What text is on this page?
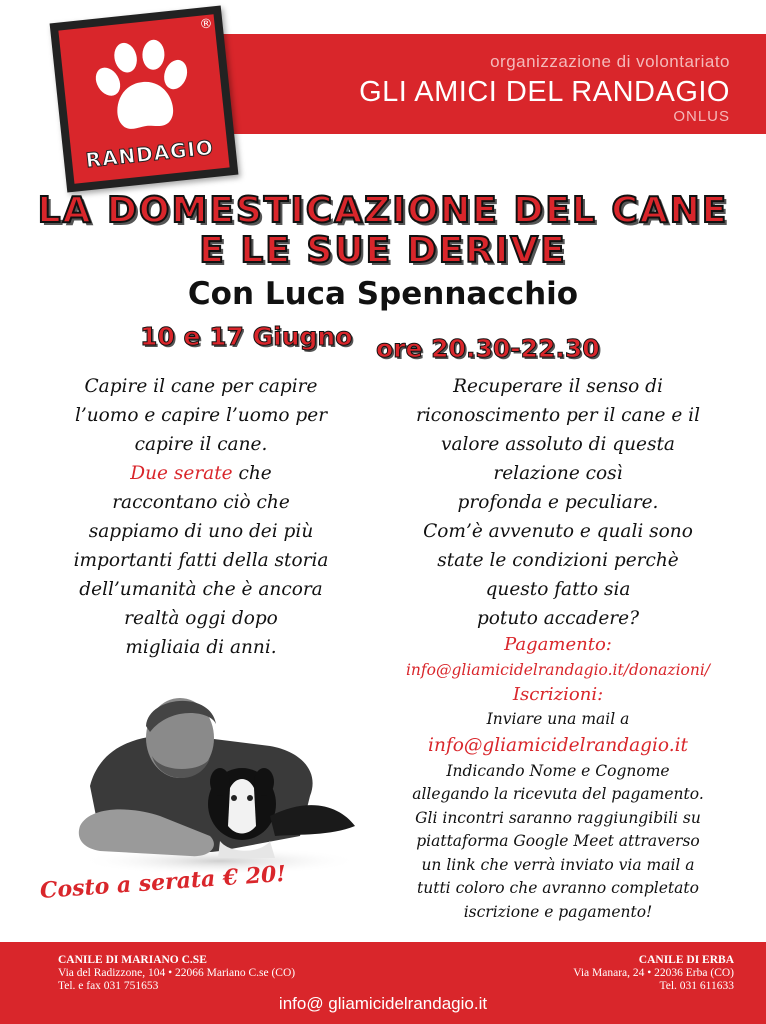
organizzazione di volontariato
GLI AMICI DEL RANDAGIO
ONLUS
®
RANDAGIO
LA DOMESTICAZIONE DEL CANE
E LE SUE DERIVE
Con Luca Spennacchio
10 e 17 Giugno ore 20.30-22.30
Capire il cane per capire
l’uomo e capire l’uomo per
capire il cane.
Due serate che
raccontano ciò che
sappiamo di uno dei più
importanti fatti della storia
dell’umanità che è ancora
realtà oggi dopo
migliaia di anni.
Recuperare il senso di
riconoscimento per il cane e il
valore assoluto di questa
relazione così
profonda e peculiare.
Com’è avvenuto e quali sono
state le condizioni perchè
questo fatto sia
potuto accadere?
Pagamento:
info@gliamicidelrandagio.it/donazioni/
Iscrizioni:
Inviare una mail a
info@gliamicidelrandagio.it
Indicando Nome e Cognome
allegando la ricevuta del pagamento.
Gli incontri saranno raggiungibili su
piattaforma Google Meet attraverso
un link che verrà inviato via mail a
tutti coloro che avranno completato
iscrizione e pagamento!
Costo a serata € 20!
CANILE DI MARIANO C.SE
Via del Radizzone, 104 • 22066 Mariano C.se (CO)
Tel. e fax 031 751653
CANILE DI ERBA
Via Manara, 24 • 22036 Erba (CO)
Tel. 031 611633
info@ gliamicidelrandagio.it
